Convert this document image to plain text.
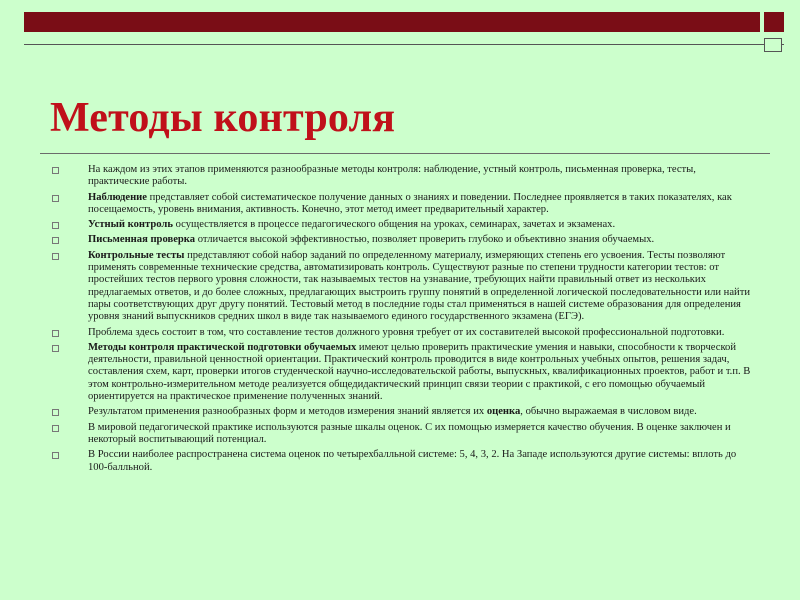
Методы контроля
На каждом из этих этапов применяются разнообразные методы контроля: наблюдение, устный контроль, письменная проверка, тесты, практические работы.
Наблюдение представляет собой систематическое получение данных о знаниях и поведении. Последнее проявляется в таких показателях, как посещаемость, уровень внимания, активность. Конечно, этот метод имеет предварительный характер.
Устный контроль осуществляется в процессе педагогического общения на уроках, семинарах, зачетах и экзаменах.
Письменная проверка отличается высокой эффективностью, позволяет проверить глубоко и объективно знания обучаемых.
Контрольные тесты представляют собой набор заданий по определенному материалу, измеряющих степень его усвоения. Тесты позволяют применять современные технические средства, автоматизировать контроль. Существуют разные по степени трудности категории тестов: от простейших тестов первого уровня сложности, так называемых тестов на узнавание, требующих найти правильный ответ из нескольких предлагаемых ответов, и до более сложных, предлагающих выстроить группу понятий в определенной логической последовательности или найти пары соответствующих друг другу понятий. Тестовый метод в последние годы стал применяться в нашей системе образования для определения уровня знаний выпускников средних школ в виде так называемого единого государственного экзамена (ЕГЭ).
Проблема здесь состоит в том, что составление тестов должного уровня требует от их составителей высокой профессиональной подготовки.
Методы контроля практической подготовки обучаемых имеют целью проверить практические умения и навыки, способности к творческой деятельности, правильной ценностной ориентации. Практический контроль проводится в виде контрольных учебных опытов, решения задач, составления схем, карт, проверки итогов студенческой научно-исследовательской работы, выпускных, квалификационных проектов, работ и т.п. В этом контрольно-измерительном методе реализуется общедидактический принцип связи теории с практикой, с его помощью обучаемый ориентируется на практическое применение полученных знаний.
Результатом применения разнообразных форм и методов измерения знаний является их оценка, обычно выражаемая в числовом виде.
В мировой педагогической практике используются разные шкалы оценок. С их помощью измеряется качество обучения. В оценке заключен и некоторый воспитывающий потенциал.
В России наиболее распространена система оценок по четырехбалльной системе: 5, 4, 3, 2. На Западе используются другие системы: вплоть до 100-балльной.
